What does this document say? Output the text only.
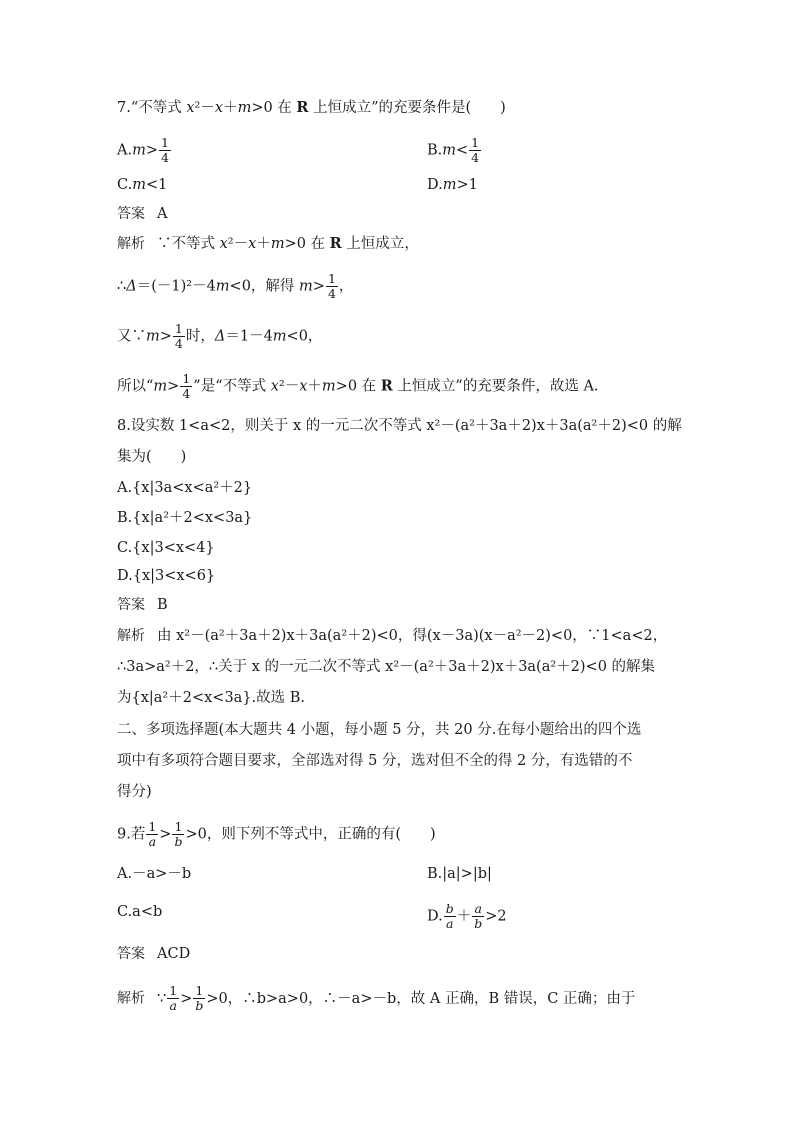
7.“不等式 x²－x＋m>0 在 R 上恒成立”的充要条件是(　　)
$A.m> \frac{1}{4}$	$B.m< \frac{1}{4}$
C.m<1	D.m>1
答案 A
解析 ∵不等式 x²－x＋m>0 在 R 上恒成立，
∴Δ＝(－1)²－4m<0，解得 $m> \frac{1}{4}$ ，
又∵m> $\frac{1}{4}$ 时，Δ＝1－4m<0，
所以“$m> \frac{1}{4}$ ”是“不等式 x²－x＋m>0 在 R 上恒成立”的充要条件，故选 A.
8.设实数 1<a<2，则关于 x 的一元二次不等式 x²－(a²＋3a＋2)x＋3a(a²＋2)<0 的解
集为(　　)
A.{x|3a<x<a²＋2}
B.{x|a²＋2<x<3a}
C.{x|3<x<4}
D.{x|3<x<6}
答案 B
解析 由 x²－(a²＋3a＋2)x＋3a(a²＋2)<0，得(x－3a)(x－a²－2)<0，∵1<a<2，
∴3a>a²＋2，∴关于 x 的一元二次不等式 x²－(a²＋3a＋2)x＋3a(a²＋2)<0 的解集
为{x|a²＋2<x<3a}.故选 B.
二、多项选择题(本大题共 4 小题，每小题 5 分，共 20 分.在每小题给出的四个选
项中有多项符合题目要求，全部选对得 5 分，选对但不全的得 2 分，有选错的不
得分)
9.若 $\frac{1}{a} > \frac{1}{b} >0$，则下列不等式中，正确的有(　　)
A.－a>－b	B.|a|>|b|
C.a<b	D. $\frac{b}{a} + \frac{a}{b} >2$
答案 ACD
解析 ∵ $\frac{1}{a} > \frac{1}{b} >0$，∴b>a>0，∴－a>－b，故 A 正确，B 错误，C 正确；由于
